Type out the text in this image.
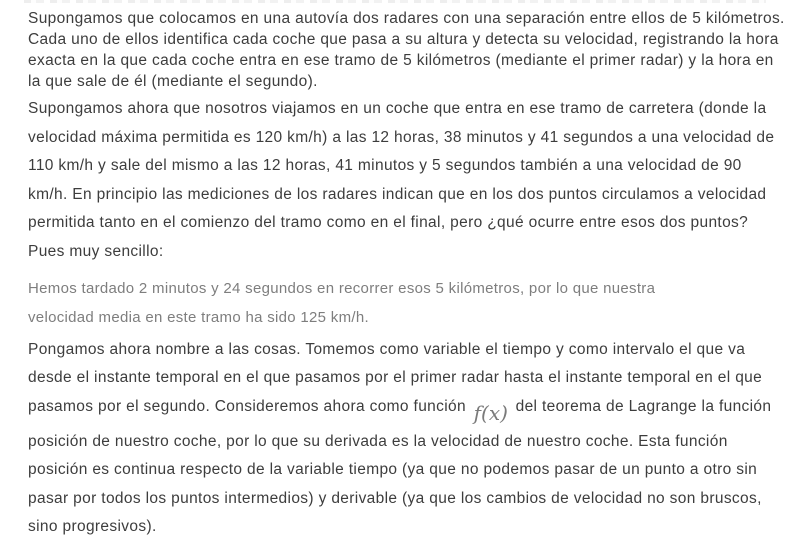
Supongamos que colocamos en una autovía dos radares con una separación entre ellos de 5 kilómetros.
Cada uno de ellos identifica cada coche que pasa a su altura y detecta su velocidad, registrando la hora
exacta en la que cada coche entra en ese tramo de 5 kilómetros (mediante el primer radar) y la hora en
la que sale de él (mediante el segundo).
Supongamos ahora que nosotros viajamos en un coche que entra en ese tramo de carretera (donde la
velocidad máxima permitida es 120 km/h) a las 12 horas, 38 minutos y 41 segundos a una velocidad de
110 km/h y sale del mismo a las 12 horas, 41 minutos y 5 segundos también a una velocidad de 90
km/h. En principio las mediciones de los radares indican que en los dos puntos circulamos a velocidad
permitida tanto en el comienzo del tramo como en el final, pero ¿qué ocurre entre esos dos puntos?
Pues muy sencillo:
Hemos tardado 2 minutos y 24 segundos en recorrer esos 5 kilómetros, por lo que nuestra
velocidad media en este tramo ha sido 125 km/h.
Pongamos ahora nombre a las cosas. Tomemos como variable el tiempo y como intervalo el que va
desde el instante temporal en el que pasamos por el primer radar hasta el instante temporal en el que
pasamos por el segundo. Consideremos ahora como función f(x) del teorema de Lagrange la función
posición de nuestro coche, por lo que su derivada es la velocidad de nuestro coche. Esta función
posición es continua respecto de la variable tiempo (ya que no podemos pasar de un punto a otro sin
pasar por todos los puntos intermedios) y derivable (ya que los cambios de velocidad no son bruscos,
sino progresivos).
